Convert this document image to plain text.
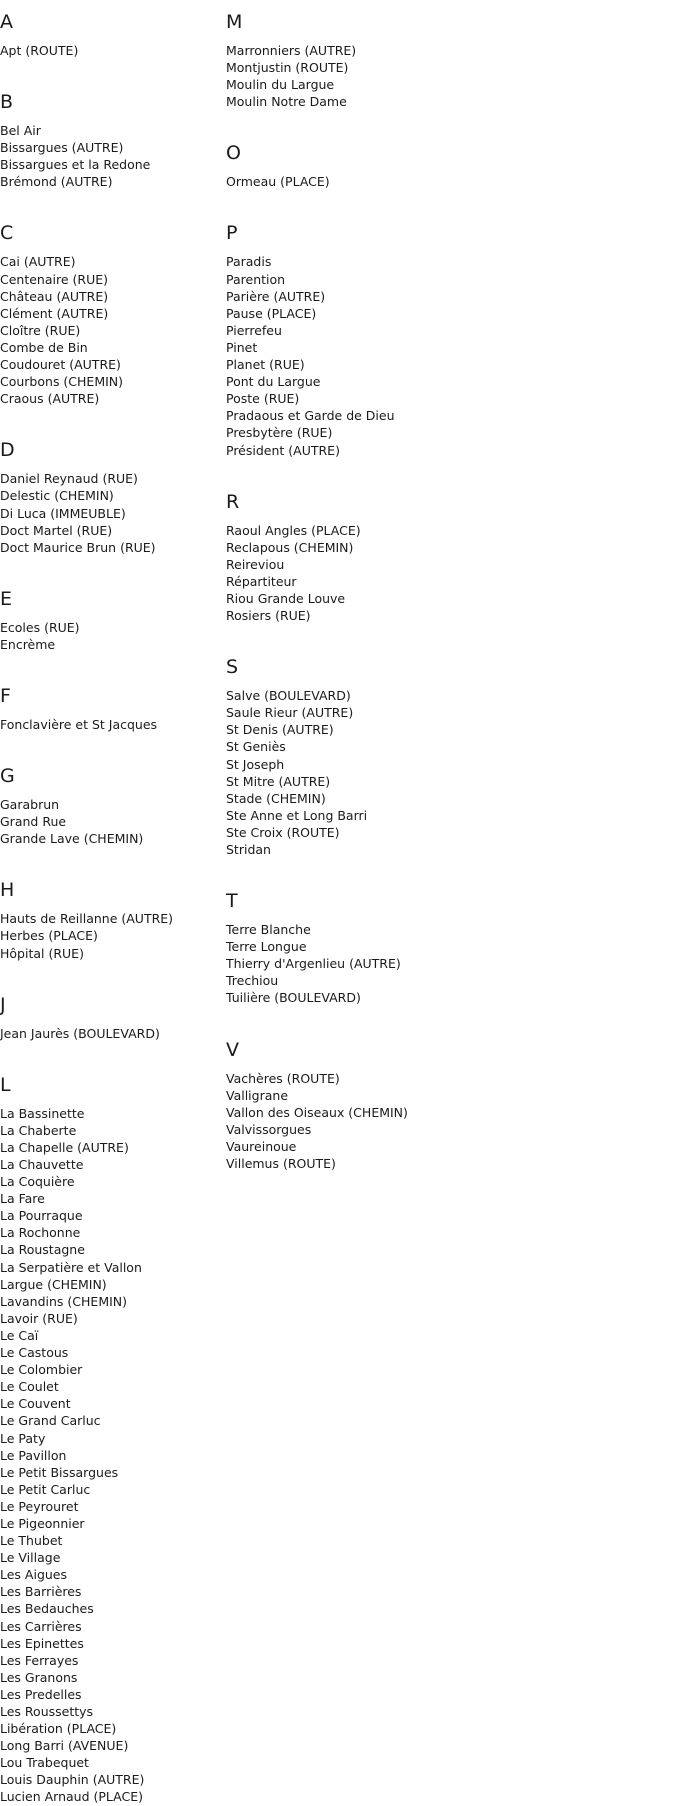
A
Apt (ROUTE)
B
Bel Air
Bissargues (AUTRE)
Bissargues et la Redone
Brémond (AUTRE)
C
Cai (AUTRE)
Centenaire (RUE)
Château (AUTRE)
Clément (AUTRE)
Cloître (RUE)
Combe de Bin
Coudouret (AUTRE)
Courbons (CHEMIN)
Craous (AUTRE)
D
Daniel Reynaud (RUE)
Delestic (CHEMIN)
Di Luca (IMMEUBLE)
Doct Martel (RUE)
Doct Maurice Brun (RUE)
E
Ecoles (RUE)
Encrème
F
Fonclavière et St Jacques
G
Garabrun
Grand Rue
Grande Lave (CHEMIN)
H
Hauts de Reillanne (AUTRE)
Herbes (PLACE)
Hôpital (RUE)
J
Jean Jaurès (BOULEVARD)
L
La Bassinette
La Chaberte
La Chapelle (AUTRE)
La Chauvette
La Coquière
La Fare
La Pourraque
La Rochonne
La Roustagne
La Serpatière et Vallon
Largue (CHEMIN)
Lavandins (CHEMIN)
Lavoir (RUE)
Le Caï
Le Castous
Le Colombier
Le Coulet
Le Couvent
Le Grand Carluc
Le Paty
Le Pavillon
Le Petit Bissargues
Le Petit Carluc
Le Peyrouret
Le Pigeonnier
Le Thubet
Le Village
Les Aigues
Les Barrières
Les Bedauches
Les Carrières
Les Epinettes
Les Ferrayes
Les Granons
Les Predelles
Les Roussettys
Libération (PLACE)
Long Barri (AVENUE)
Lou Trabequet
Louis Dauphin (AUTRE)
Lucien Arnaud (PLACE)
M
Marronniers (AUTRE)
Montjustin (ROUTE)
Moulin du Largue
Moulin Notre Dame
O
Ormeau (PLACE)
P
Paradis
Parention
Parière (AUTRE)
Pause (PLACE)
Pierrefeu
Pinet
Planet (RUE)
Pont du Largue
Poste (RUE)
Pradaous et Garde de Dieu
Presbytère (RUE)
Président (AUTRE)
R
Raoul Angles (PLACE)
Reclapous (CHEMIN)
Reireviou
Répartiteur
Riou Grande Louve
Rosiers (RUE)
S
Salve (BOULEVARD)
Saule Rieur (AUTRE)
St Denis (AUTRE)
St Geniès
St Joseph
St Mitre (AUTRE)
Stade (CHEMIN)
Ste Anne et Long Barri
Ste Croix (ROUTE)
Stridan
T
Terre Blanche
Terre Longue
Thierry d'Argenlieu (AUTRE)
Trechiou
Tuilière (BOULEVARD)
V
Vachères (ROUTE)
Valligrane
Vallon des Oiseaux (CHEMIN)
Valvissorgues
Vaureinoue
Villemus (ROUTE)
